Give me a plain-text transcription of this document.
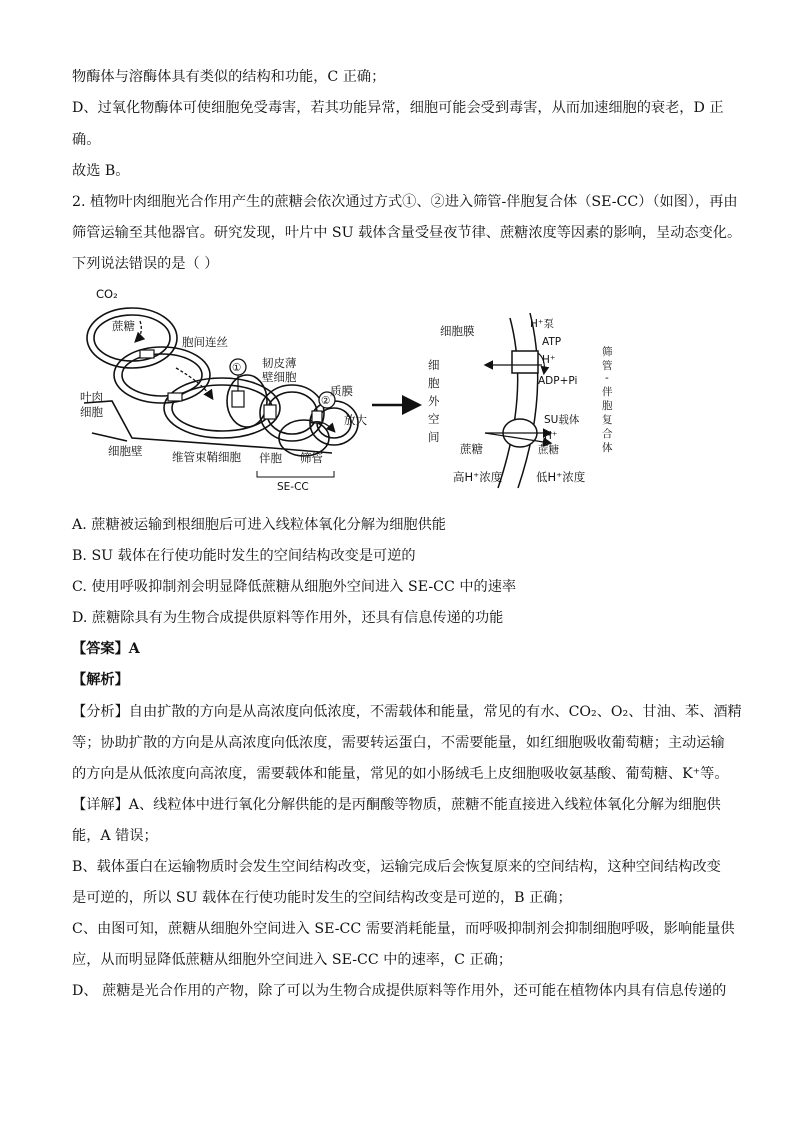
物酶体与溶酶体具有类似的结构和功能，C 正确；
D、过氧化物酶体可使细胞免受毒害，若其功能异常，细胞可能会受到毒害，从而加速细胞的衰老，D 正
确。
故选 B。
2. 植物叶肉细胞光合作用产生的蔗糖会依次通过方式①、②进入筛管-伴胞复合体（SE-CC）（如图），再由
筛管运输至其他器官。研究发现，叶片中 SU 载体含量受昼夜节律、蔗糖浓度等因素的影响，呈动态变化。
下列说法错误的是（ ）
CO₂
蔗糖
胞间连丝
叶肉
细胞
细胞壁	维管束鞘细胞
韧皮薄
壁细胞
质膜
①
②
放大
伴胞 筛管
SE-CC
细胞膜	H⁺泵
ATP
H⁺
ADP+Pi
SU载体
H⁺
蔗糖	蔗糖
高H⁺浓度	低H⁺浓度
细
胞
外
空
间
筛
管
-
伴
胞
复
合
体
A. 蔗糖被运输到根细胞后可进入线粒体氧化分解为细胞供能
B. SU 载体在行使功能时发生的空间结构改变是可逆的
C. 使用呼吸抑制剂会明显降低蔗糖从细胞外空间进入 SE-CC 中的速率
D. 蔗糖除具有为生物合成提供原料等作用外，还具有信息传递的功能
【答案】A
【解析】
【分析】自由扩散的方向是从高浓度向低浓度，不需载体和能量，常见的有水、CO₂、O₂、甘油、苯、酒精
等；协助扩散的方向是从高浓度向低浓度，需要转运蛋白，不需要能量，如红细胞吸收葡萄糖；主动运输
的方向是从低浓度向高浓度，需要载体和能量，常见的如小肠绒毛上皮细胞吸收氨基酸、葡萄糖、K⁺等。
【详解】A、线粒体中进行氧化分解供能的是丙酮酸等物质，蔗糖不能直接进入线粒体氧化分解为细胞供
能，A 错误；
B、载体蛋白在运输物质时会发生空间结构改变，运输完成后会恢复原来的空间结构，这种空间结构改变
是可逆的，所以 SU 载体在行使功能时发生的空间结构改变是可逆的，B 正确；
C、由图可知，蔗糖从细胞外空间进入 SE-CC 需要消耗能量，而呼吸抑制剂会抑制细胞呼吸，影响能量供
应，从而明显降低蔗糖从细胞外空间进入 SE-CC 中的速率，C 正确；
D、 蔗糖是光合作用的产物，除了可以为生物合成提供原料等作用外，还可能在植物体内具有信息传递的
